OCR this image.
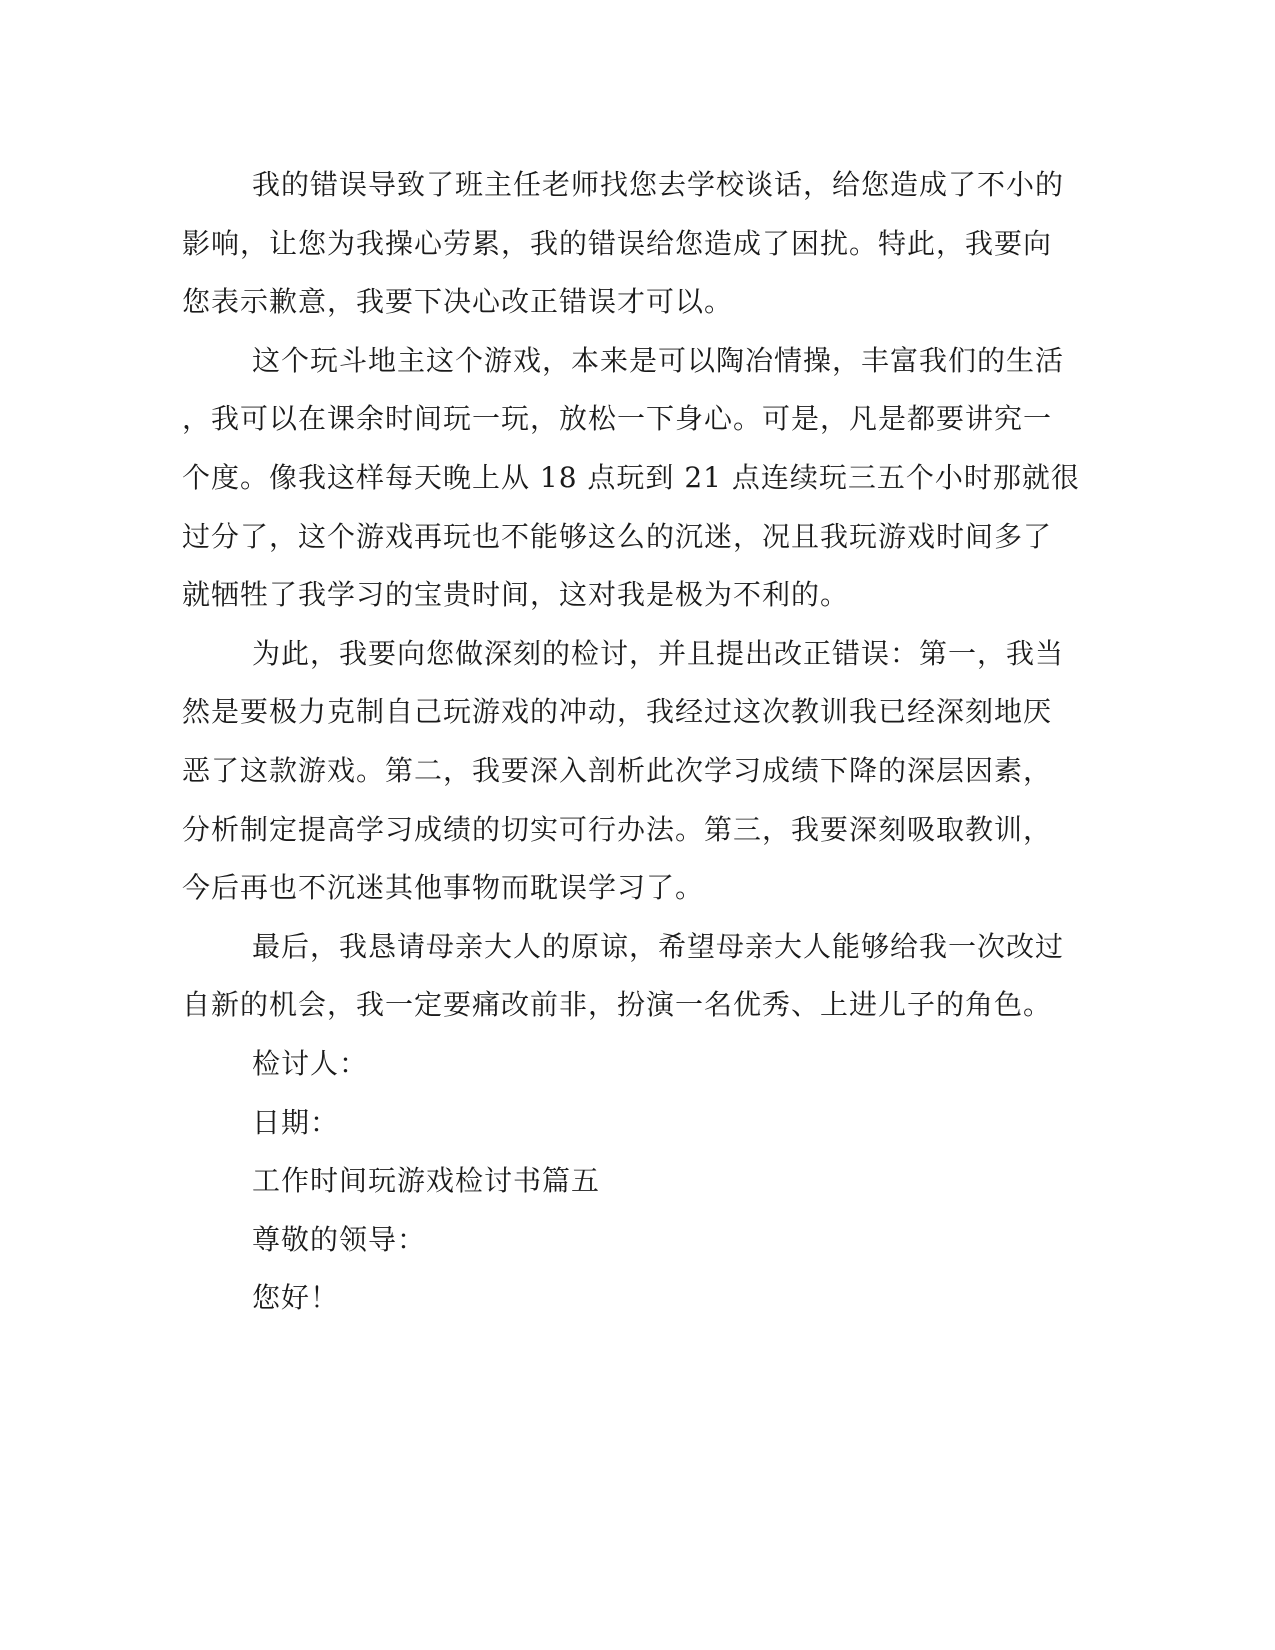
我的错误导致了班主任老师找您去学校谈话，给您造成了不小的
影响，让您为我操心劳累，我的错误给您造成了困扰。特此，我要向
您表示歉意，我要下决心改正错误才可以。
这个玩斗地主这个游戏，本来是可以陶冶情操，丰富我们的生活
，我可以在课余时间玩一玩，放松一下身心。可是，凡是都要讲究一
个度。像我这样每天晚上从 18 点玩到 21 点连续玩三五个小时那就很
过分了，这个游戏再玩也不能够这么的沉迷，况且我玩游戏时间多了
就牺牲了我学习的宝贵时间，这对我是极为不利的。
为此，我要向您做深刻的检讨，并且提出改正错误：第一，我当
然是要极力克制自己玩游戏的冲动，我经过这次教训我已经深刻地厌
恶了这款游戏。第二，我要深入剖析此次学习成绩下降的深层因素，
分析制定提高学习成绩的切实可行办法。第三，我要深刻吸取教训，
今后再也不沉迷其他事物而耽误学习了。
最后，我恳请母亲大人的原谅，希望母亲大人能够给我一次改过
自新的机会，我一定要痛改前非，扮演一名优秀、上进儿子的角色。
检讨人：
日期：
工作时间玩游戏检讨书篇五
尊敬的领导：
您好！
